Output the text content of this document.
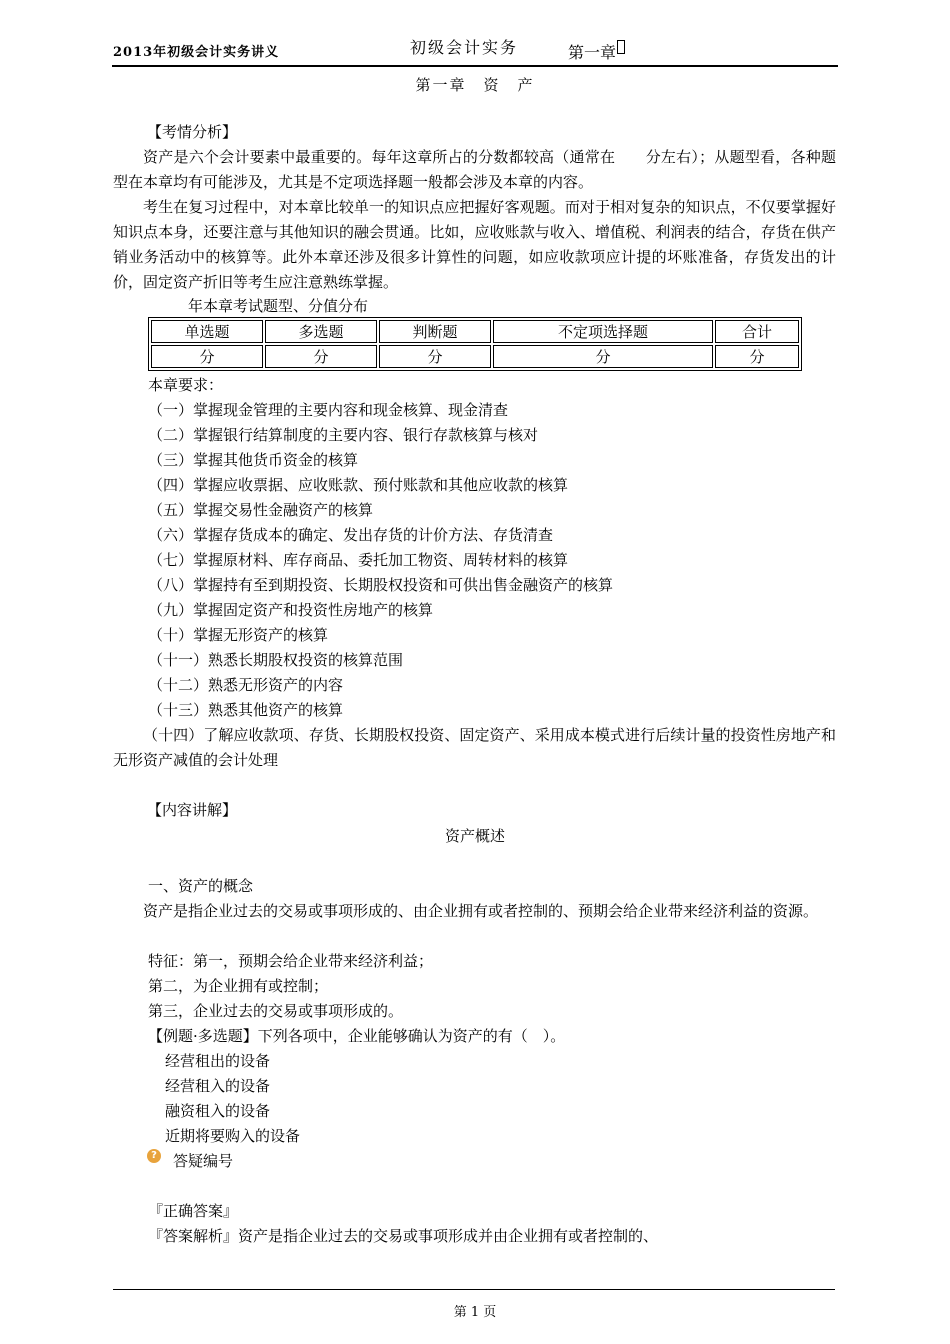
2013年初级会计实务讲义	初级会计实务	第一章
第一章　资　产
【考情分析】
资产是六个会计要素中最重要的。每年这章所占的分数都较高（通常在　　分左右）；从题型看，各种题型在本章均有可能涉及，尤其是不定项选择题一般都会涉及本章的内容。
考生在复习过程中，对本章比较单一的知识点应把握好客观题。而对于相对复杂的知识点，不仅要掌握好知识点本身，还要注意与其他知识的融会贯通。比如，应收账款与收入、增值税、利润表的结合，存货在供产销业务活动中的核算等。此外本章还涉及很多计算性的问题，如应收款项应计提的坏账准备，存货发出的计价，固定资产折旧等考生应注意熟练掌握。
年本章考试题型、分值分布
单选题	多选题	判断题	不定项选择题	合计
分	分	分	分	分
本章要求：
（一）掌握现金管理的主要内容和现金核算、现金清查
（二）掌握银行结算制度的主要内容、银行存款核算与核对
（三）掌握其他货币资金的核算
（四）掌握应收票据、应收账款、预付账款和其他应收款的核算
（五）掌握交易性金融资产的核算
（六）掌握存货成本的确定、发出存货的计价方法、存货清查
（七）掌握原材料、库存商品、委托加工物资、周转材料的核算
（八）掌握持有至到期投资、长期股权投资和可供出售金融资产的核算
（九）掌握固定资产和投资性房地产的核算
（十）掌握无形资产的核算
（十一）熟悉长期股权投资的核算范围
（十二）熟悉无形资产的内容
（十三）熟悉其他资产的核算
（十四）了解应收款项、存货、长期股权投资、固定资产、采用成本模式进行后续计量的投资性房地产和无形资产减值的会计处理
【内容讲解】
资产概述
一、资产的概念
资产是指企业过去的交易或事项形成的、由企业拥有或者控制的、预期会给企业带来经济利益的资源。
特征：第一，预期会给企业带来经济利益；
第二，为企业拥有或控制；
第三，企业过去的交易或事项形成的。
【例题·多选题】下列各项中，企业能够确认为资产的有（　）。
经营租出的设备
经营租入的设备
融资租入的设备
近期将要购入的设备
? 答疑编号
『正确答案』
『答案解析』资产是指企业过去的交易或事项形成并由企业拥有或者控制的、
第 1 页
